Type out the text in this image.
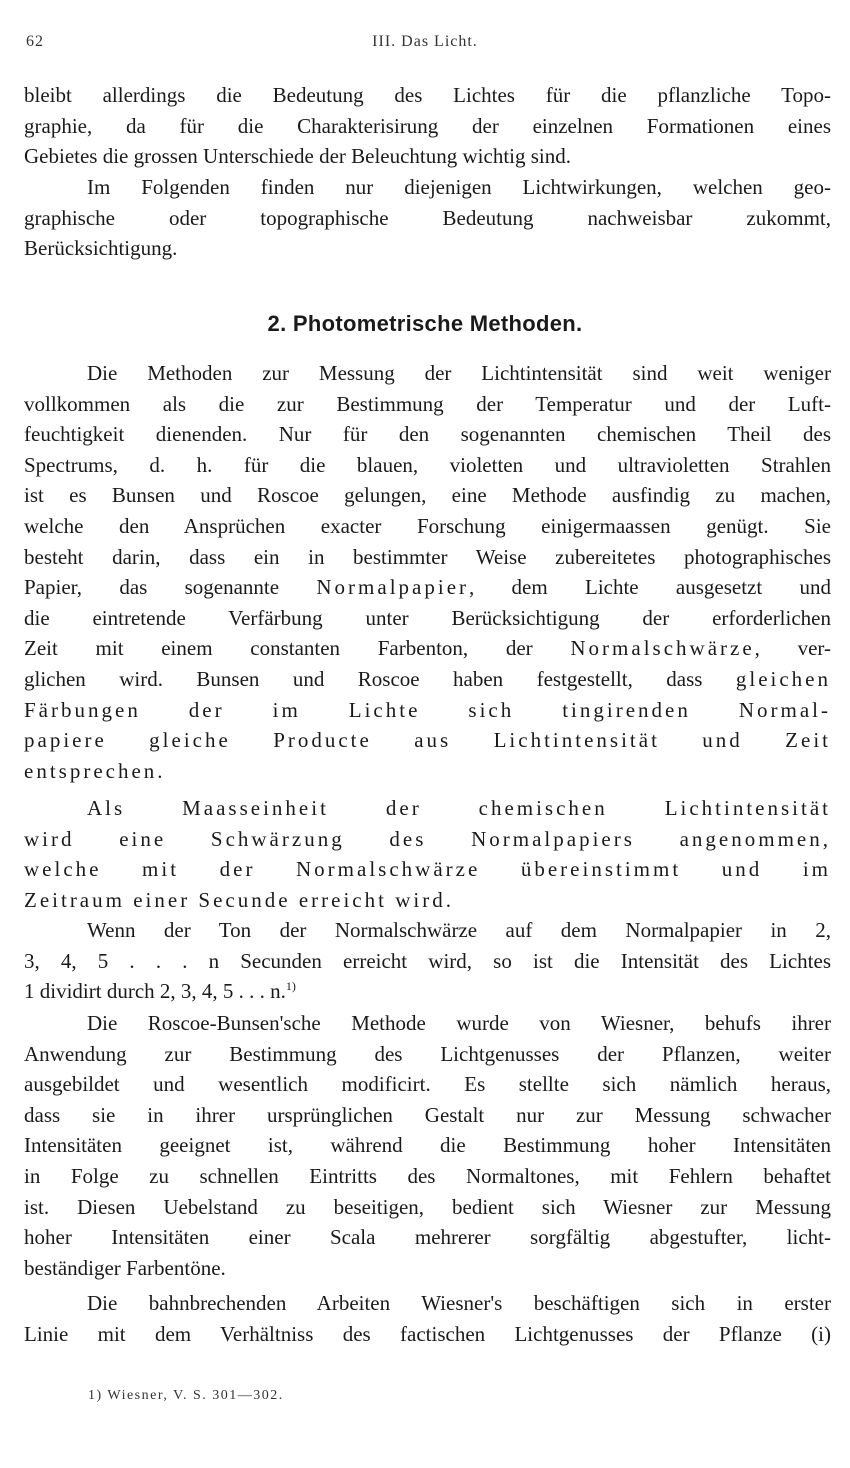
62	III. Das Licht.

bleibt allerdings die Bedeutung des Lichtes für die pflanzliche Topo-
graphie, da für die Charakterisirung der einzelnen Formationen eines
Gebietes die grossen Unterschiede der Beleuchtung wichtig sind.

Im Folgenden finden nur diejenigen Lichtwirkungen, welchen geo-
graphische oder topographische Bedeutung nachweisbar zukommt,
Berücksichtigung.

2. Photometrische Methoden.

Die Methoden zur Messung der Lichtintensität sind weit weniger
vollkommen als die zur Bestimmung der Temperatur und der Luft-
feuchtigkeit dienenden. Nur für den sogenannten chemischen Theil des
Spectrums, d. h. für die blauen, violetten und ultravioletten Strahlen
ist es Bunsen und Roscoe gelungen, eine Methode ausfindig zu machen,
welche den Ansprüchen exacter Forschung einigermaassen genügt. Sie
besteht darin, dass ein in bestimmter Weise zubereitetes photographisches
Papier, das sogenannte Normalpapier, dem Lichte ausgesetzt und
die eintretende Verfärbung unter Berücksichtigung der erforderlichen
Zeit mit einem constanten Farbenton, der Normalschwärze, ver-
glichen wird. Bunsen und Roscoe haben festgestellt, dass gleichen
Färbungen der im Lichte sich tingirenden Normal-
papiere gleiche Producte aus Lichtintensität und Zeit
entsprechen.

Als Maasseinheit der chemischen Lichtintensität
wird eine Schwärzung des Normalpapiers angenommen,
welche mit der Normalschwärze übereinstimmt und im
Zeitraum einer Secunde erreicht wird.

Wenn der Ton der Normalschwärze auf dem Normalpapier in 2,
3, 4, 5 . . . n Secunden erreicht wird, so ist die Intensität des Lichtes
1 dividirt durch 2, 3, 4, 5 . . . n.$^{1)}$

Die Roscoe-Bunsen'sche Methode wurde von Wiesner, behufs ihrer
Anwendung zur Bestimmung des Lichtgenusses der Pflanzen, weiter
ausgebildet und wesentlich modificirt. Es stellte sich nämlich heraus,
dass sie in ihrer ursprünglichen Gestalt nur zur Messung schwacher
Intensitäten geeignet ist, während die Bestimmung hoher Intensitäten
in Folge zu schnellen Eintritts des Normaltones, mit Fehlern behaftet
ist. Diesen Uebelstand zu beseitigen, bedient sich Wiesner zur Messung
hoher Intensitäten einer Scala mehrerer sorgfältig abgestufter, licht-
beständiger Farbentöne.

Die bahnbrechenden Arbeiten Wiesner's beschäftigen sich in erster
Linie mit dem Verhältniss des factischen Lichtgenusses der Pflanze (i)

1) Wiesner, V. S. 301—302.
